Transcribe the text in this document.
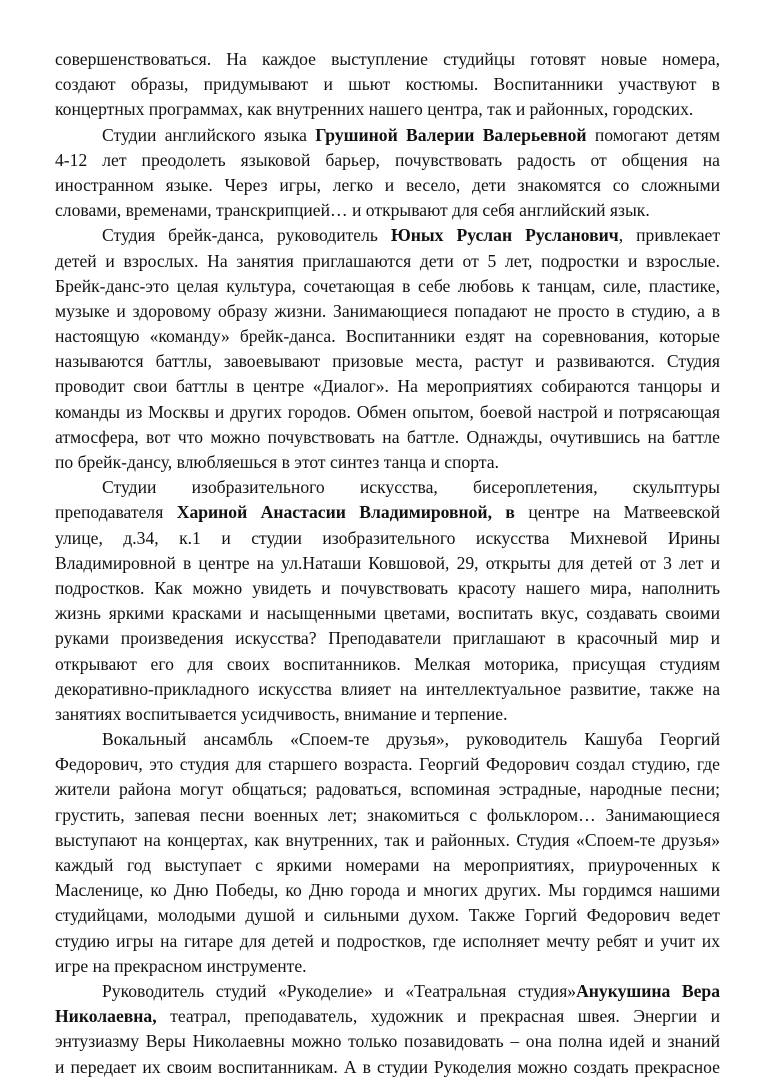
совершенствоваться. На каждое выступление студийцы готовят новые номера,
создают образы, придумывают и шьют костюмы. Воспитанники участвуют в
концертных программах, как внутренних нашего центра, так и районных, городских.
Студии английского языка Грушиной Валерии Валерьевной помогают детям
4-12 лет преодолеть языковой барьер, почувствовать радость от общения на
иностранном языке. Через игры, легко и весело, дети знакомятся со сложными
словами, временами, транскрипцией… и открывают для себя английский язык.
Студия брейк-данса, руководитель Юных Руслан Русланович, привлекает
детей и взрослых. На занятия приглашаются дети от 5 лет, подростки и взрослые.
Брейк-данс-это целая культура, сочетающая в себе любовь к танцам, силе, пластике,
музыке и здоровому образу жизни. Занимающиеся попадают не просто в студию, а в
настоящую «команду» брейк-данса. Воспитанники ездят на соревнования, которые
называются баттлы, завоевывают призовые места, растут и развиваются. Студия
проводит свои баттлы в центре «Диалог». На мероприятиях собираются танцоры и
команды из Москвы и других городов. Обмен опытом, боевой настрой и потрясающая
атмосфера, вот что можно почувствовать на баттле. Однажды, очутившись на баттле
по брейк-дансу, влюбляешься в этот синтез танца и спорта.
Студии изобразительного искусства, бисероплетения, скульптуры
преподавателя Хариной Анастасии Владимировной, в центре на Матвеевской
улице, д.34, к.1 и студии изобразительного искусства Михневой Ирины
Владимировной в центре на ул.Наташи Ковшовой, 29, открыты для детей от 3 лет и
подростков. Как можно увидеть и почувствовать красоту нашего мира, наполнить
жизнь яркими красками и насыщенными цветами, воспитать вкус, создавать своими
руками произведения искусства? Преподаватели приглашают в красочный мир и
открывают его для своих воспитанников. Мелкая моторика, присущая студиям
декоративно-прикладного искусства влияет на интеллектуальное развитие, также на
занятиях воспитывается усидчивость, внимание и терпение.
Вокальный ансамбль «Споем-те друзья», руководитель Кашуба Георгий
Федорович, это студия для старшего возраста. Георгий Федорович создал студию, где
жители района могут общаться; радоваться, вспоминая эстрадные, народные песни;
грустить, запевая песни военных лет; знакомиться с фольклором… Занимающиеся
выступают на концертах, как внутренних, так и районных. Студия «Споем-те друзья»
каждый год выступает с яркими номерами на мероприятиях, приуроченных к
Масленице, ко Дню Победы, ко Дню города и многих других. Мы гордимся нашими
студийцами, молодыми душой и сильными духом. Также Горгий Федорович ведет
студию игры на гитаре для детей и подростков, где исполняет мечту ребят и учит их
игре на прекрасном инструменте.
Руководитель студий «Рукоделие» и «Театральная студия»Анукушина Вера
Николаевна, театрал, преподаватель, художник и прекрасная швея. Энергии и
энтузиазму Веры Николаевны можно только позавидовать – она полна идей и знаний
и передает их своим воспитанникам. А в студии Рукоделия можно создать прекрасное
